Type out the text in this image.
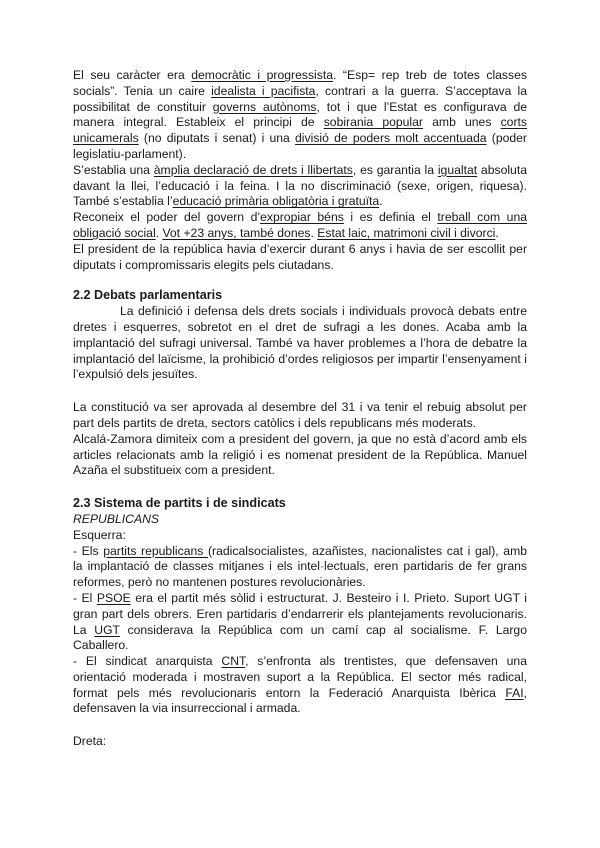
El seu caràcter era democràtic i progressista. “Esp= rep treb de totes classes socials”. Tenia un caire idealista i pacifista, contrari a la guerra. S’acceptava la possibilitat de constituir governs autònoms, tot i que l’Estat es configurava de manera integral. Estableix el principi de sobirania popular amb unes corts unicamerals (no diputats i senat) i una divisió de poders molt accentuada (poder legislatiu-parlament).

S’establia una àmplia declaració de drets i llibertats, es garantia la igualtat absoluta davant la llei, l’educació i la feina. I la no discriminació (sexe, origen, riquesa). També s’establia l’educació primària obligatòria i gratuïta.

Reconeix el poder del govern d’expropiar béns i es definia el treball com una obligació social. Vot +23 anys, també dones. Estat laic, matrimoni civil i divorci.

El president de la república havia d’exercir durant 6 anys i havia de ser escollit per diputats i compromissaris elegits pels ciutadans.

2.2 Debats parlamentaris

La definició i defensa dels drets socials i individuals provocà debats entre dretes i esquerres, sobretot en el dret de sufragi a les dones. Acaba amb la implantació del sufragi universal. També va haver problemes a l’hora de debatre la implantació del laïcisme, la prohibició d’ordes religiosos per impartir l’ensenyament i l’expulsió dels jesuïtes.

La constitució va ser aprovada al desembre del 31 i va tenir el rebuig absolut per part dels partits de dreta, sectors catòlics i dels republicans més moderats.

Alcalá-Zamora dimiteix com a president del govern, ja que no està d’acord amb els articles relacionats amb la religió i es nomenat president de la República. Manuel Azaña el substitueix com a president.

2.3 Sistema de partits i de sindicats

REPUBLICANS

Esquerra:

- Els partits republicans (radicalsocialistes, azañistes, nacionalistes cat i gal), amb la implantació de classes mitjanes i els intel·lectuals, eren partidaris de fer grans reformes, però no mantenen postures revolucionàries.

- El PSOE era el partit més sòlid i estructurat. J. Besteiro i I. Prieto. Suport UGT i gran part dels obrers. Eren partidaris d’endarrerir els plantejaments revolucionaris. La UGT considerava la República com un camí cap al socialisme. F. Largo Caballero.

- El sindicat anarquista CNT, s’enfronta als trentistes, que defensaven una orientació moderada i mostraven suport a la República. El sector més radical, format pels més revolucionaris entorn la Federació Anarquista Ibèrica FAI, defensaven la via insurreccional i armada.

Dreta:
